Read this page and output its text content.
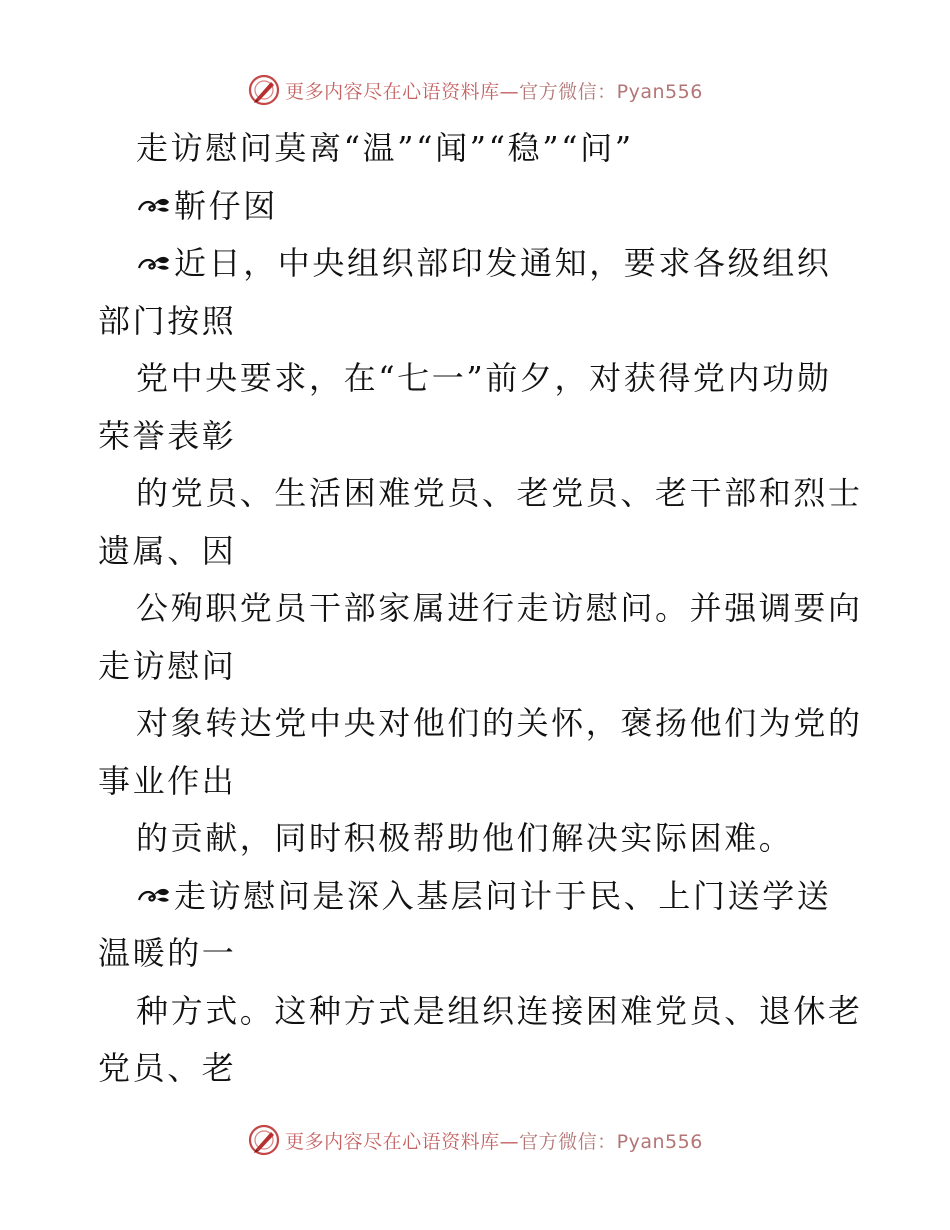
更多内容尽在心语资料库— 官方微信：Pyan556
走访慰问莫离“温”“闻”“稳”“问”
靳仔囡
近日，中央组织部印发通知，要求各级组织
部门按照
党中央要求，在“七一”前夕，对获得党内功勋
荣誉表彰
的党员、生活困难党员、老党员、老干部和烈士
遗属、因
公殉职党员干部家属进行走访慰问。并强调要向
走访慰问
对象转达党中央对他们的关怀，褒扬他们为党的
事业作出
的贡献，同时积极帮助他们解决实际困难。
走访慰问是深入基层问计于民、上门送学送
温暖的一
种方式。这种方式是组织连接困难党员、退休老
党员、老
更多内容尽在心语资料库— 官方微信：Pyan556
